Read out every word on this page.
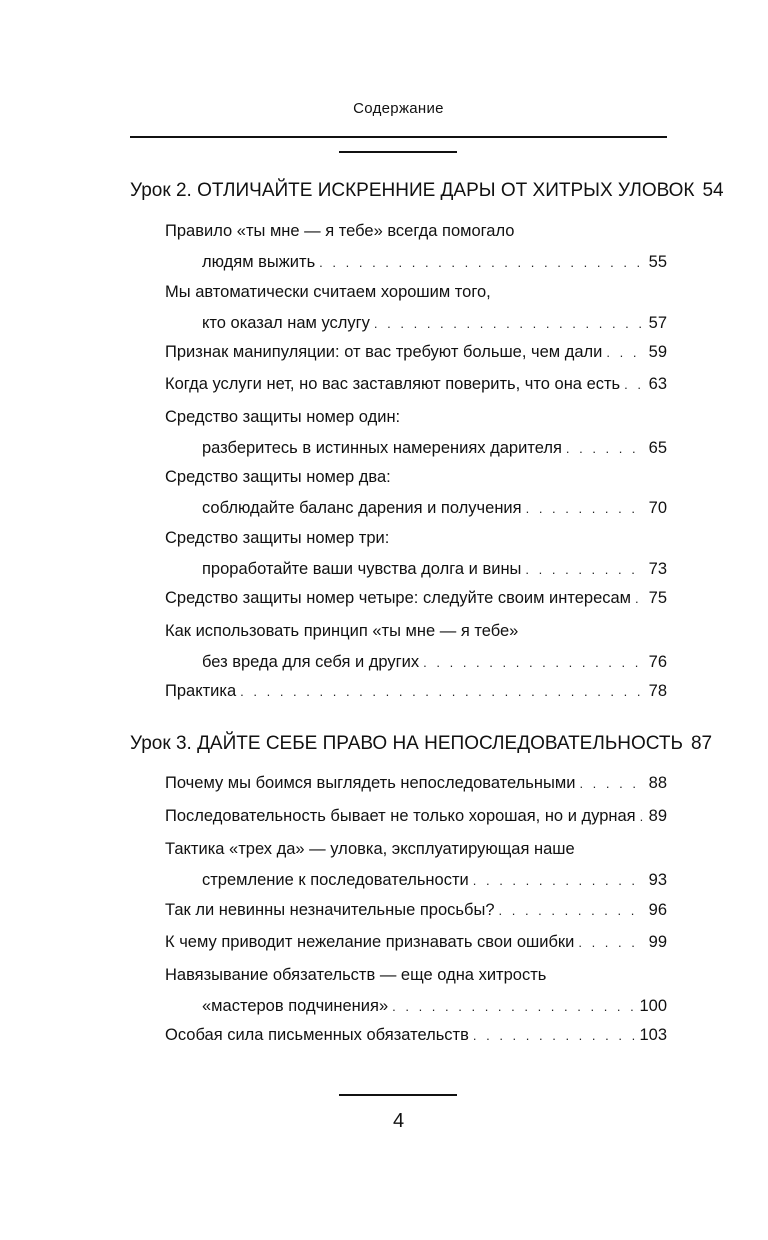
Содержание
Урок 2. ОТЛИЧАЙТЕ ИСКРЕННИЕ ДАРЫ ОТ ХИТРЫХ УЛОВОК 54
Правило «ты мне — я тебе» всегда помогало
людям выжить . . .	55
Мы автоматически считаем хорошим того,
кто оказал нам услугу . . .	57
Признак манипуляции: от вас требуют больше, чем дали . . .	59
Когда услуги нет, но вас заставляют поверить, что она есть . . . 63
Средство защиты номер один:
разберитесь в истинных намерениях дарителя . . .	65
Средство защиты номер два:
соблюдайте баланс дарения и получения . . .	70
Средство защиты номер три:
проработайте ваши чувства долга и вины . . .	73
Средство защиты номер четыре: следуйте своим интересам . . . 75
Как использовать принцип «ты мне — я тебе»
без вреда для себя и других . . .	76
Практика . . .	78
Урок 3. ДАЙТЕ СЕБЕ ПРАВО НА НЕПОСЛЕДОВАТЕЛЬНОСТЬ 87
Почему мы боимся выглядеть непоследовательными . . .	88
Последовательность бывает не только хорошая, но и дурная . . . 89
Тактика «трех да» — уловка, эксплуатирующая наше
стремление к последовательности . . .	93
Так ли невинны незначительные просьбы? . . .	96
К чему приводит нежелание признавать свои ошибки . . .	99
Навязывание обязательств — еще одна хитрость
«мастеров подчинения» . . .	100
Особая сила письменных обязательств . . .	103
4
